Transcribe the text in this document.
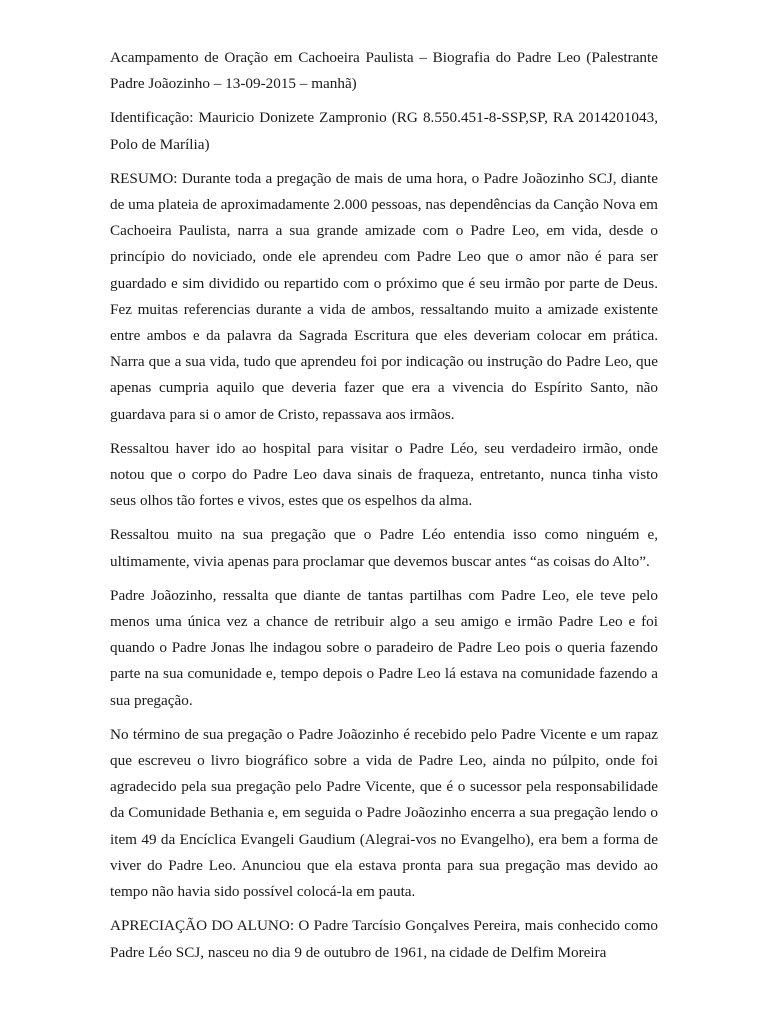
Acampamento de Oração em Cachoeira Paulista – Biografia do Padre Leo (Palestrante Padre Joãozinho – 13-09-2015 – manhã)

Identificação: Mauricio Donizete Zampronio (RG 8.550.451-8-SSP,SP, RA 2014201043, Polo de Marília)

RESUMO: Durante toda a pregação de mais de uma hora, o Padre Joãozinho SCJ, diante de uma plateia de aproximadamente 2.000 pessoas, nas dependências da Canção Nova em Cachoeira Paulista, narra a sua grande amizade com o Padre Leo, em vida, desde o princípio do noviciado, onde ele aprendeu com Padre Leo que o amor não é para ser guardado e sim dividido ou repartido com o próximo que é seu irmão por parte de Deus. Fez muitas referencias durante a vida de ambos, ressaltando muito a amizade existente entre ambos e da palavra da Sagrada Escritura que eles deveriam colocar em prática. Narra que a sua vida, tudo que aprendeu foi por indicação ou instrução do Padre Leo, que apenas cumpria aquilo que deveria fazer que era a vivencia do Espírito Santo, não guardava para si o amor de Cristo, repassava aos irmãos.

Ressaltou haver ido ao hospital para visitar o Padre Léo, seu verdadeiro irmão, onde notou que o corpo do Padre Leo dava sinais de fraqueza, entretanto, nunca tinha visto seus olhos tão fortes e vivos, estes que os espelhos da alma.

Ressaltou muito na sua pregação que o Padre Léo entendia isso como ninguém e, ultimamente, vivia apenas para proclamar que devemos buscar antes “as coisas do Alto”.

Padre Joãozinho, ressalta que diante de tantas partilhas com Padre Leo, ele teve pelo menos uma única vez a chance de retribuir algo a seu amigo e irmão Padre Leo e foi quando o Padre Jonas lhe indagou sobre o paradeiro de Padre Leo pois o queria fazendo parte na sua comunidade e, tempo depois o Padre Leo lá estava na comunidade fazendo a sua pregação.

No término de sua pregação o Padre Joãozinho é recebido pelo Padre Vicente e um rapaz que escreveu o livro biográfico sobre a vida de Padre Leo, ainda no púlpito, onde foi agradecido pela sua pregação pelo Padre Vicente, que é o sucessor pela responsabilidade da Comunidade Bethania e, em seguida o Padre Joãozinho encerra a sua pregação lendo o item 49 da Encíclica Evangeli Gaudium (Alegrai-vos no Evangelho), era bem a forma de viver do Padre Leo. Anunciou que ela estava pronta para sua pregação mas devido ao tempo não havia sido possível colocá-la em pauta.

APRECIAÇÃO DO ALUNO: O Padre Tarcísio Gonçalves Pereira, mais conhecido como Padre Léo SCJ, nasceu no dia 9 de outubro de 1961, na cidade de Delfim Moreira
